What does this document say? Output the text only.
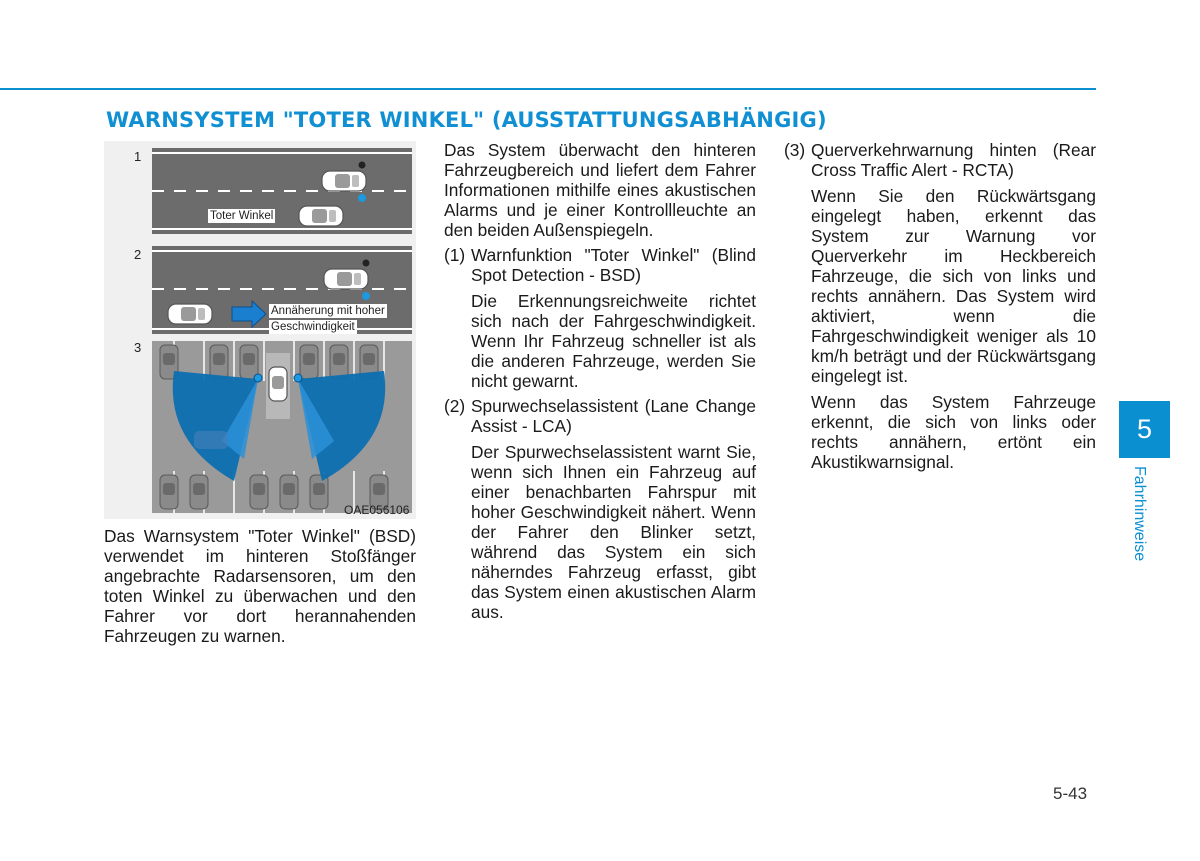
WARNSYSTEM "TOTER WINKEL" (AUSSTATTUNGSABHÄNGIG)
1
2
3
Toter Winkel
Annäherung mit hoher
Geschwindigkeit
OAE056106

Das Warnsystem "Toter Winkel" (BSD) verwendet im hinteren Stoßfänger angebrachte Radarsensoren, um den toten Winkel zu überwachen und den Fahrer vor dort herannahenden Fahrzeugen zu warnen.

Das System überwacht den hinteren Fahrzeugbereich und liefert dem Fahrer Informationen mithilfe eines akustischen Alarms und je einer Kontrollleuchte an den beiden Außenspiegeln.

(1) Warnfunktion "Toter Winkel" (Blind Spot Detection - BSD)

Die Erkennungsreichweite richtet sich nach der Fahrgeschwindigkeit. Wenn Ihr Fahrzeug schneller ist als die anderen Fahrzeuge, werden Sie nicht gewarnt.

(2) Spurwechselassistent (Lane Change Assist - LCA)

Der Spurwechselassistent warnt Sie, wenn sich Ihnen ein Fahrzeug auf einer benachbarten Fahrspur mit hoher Geschwindigkeit nähert. Wenn der Fahrer den Blinker setzt, während das System ein sich näherndes Fahrzeug erfasst, gibt das System einen akustischen Alarm aus.

(3) Querverkehrwarnung hinten (Rear Cross Traffic Alert - RCTA)

Wenn Sie den Rückwärtsgang eingelegt haben, erkennt das System zur Warnung vor Querverkehr im Heckbereich Fahrzeuge, die sich von links und rechts annähern. Das System wird aktiviert, wenn die Fahrgeschwindigkeit weniger als 10 km/h beträgt und der Rückwärtsgang eingelegt ist.

Wenn das System Fahrzeuge erkennt, die sich von links oder rechts annähern, ertönt ein Akustikwarnsignal.

5
Fahrhinweise
5-43
